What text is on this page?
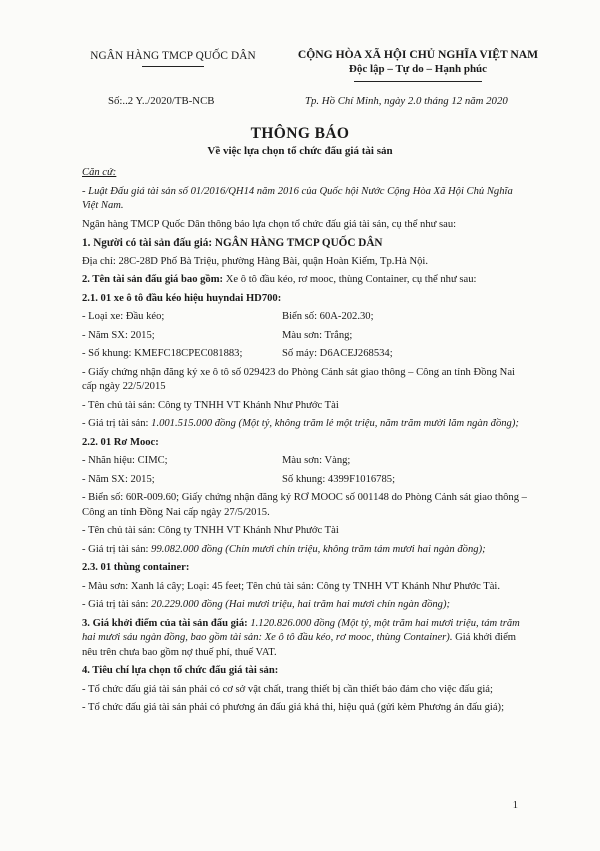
NGÂN HÀNG TMCP QUỐC DÂN	CỘNG HÒA XÃ HỘI CHỦ NGHĨA VIỆT NAM
Độc lập – Tự do – Hạnh phúc
Số:..2 Y../2020/TB-NCB	Tp. Hồ Chí Minh, ngày 2.0 tháng 12 năm 2020
THÔNG BÁO
Về việc lựa chọn tổ chức đấu giá tài sản

Căn cứ:

- Luật Đấu giá tài sản số 01/2016/QH14 năm 2016 của Quốc hội Nước Cộng Hòa Xã Hội Chủ Nghĩa Việt Nam.

Ngân hàng TMCP Quốc Dân thông báo lựa chọn tổ chức đấu giá tài sản, cụ thể như sau:

1. Người có tài sản đấu giá: NGÂN HÀNG TMCP QUỐC DÂN

Địa chỉ: 28C-28D Phố Bà Triệu, phường Hàng Bài, quận Hoàn Kiếm, Tp.Hà Nội.

2. Tên tài sản đấu giá bao gồm: Xe ô tô đầu kéo, rơ mooc, thùng Container, cụ thể như sau:

2.1. 01 xe ô tô đầu kéo hiệu huyndai HD700:

- Loại xe: Đầu kéo;	Biển số: 60A-202.30;
- Năm SX: 2015;	Màu sơn: Trắng;
- Số khung: KMEFC18CPEC081883;	Số máy: D6ACEJ268534;

- Giấy chứng nhận đăng ký xe ô tô số 029423 do Phòng Cảnh sát giao thông – Công an tỉnh Đồng Nai cấp ngày 22/5/2015

- Tên chủ tài sản: Công ty TNHH VT Khánh Như Phước Tài

- Giá trị tài sản: 1.001.515.000 đồng (Một tỷ, không trăm lẻ một triệu, năm trăm mười lăm ngàn đồng);

2.2. 01 Rơ Mooc:

- Nhãn hiệu: CIMC;	Màu sơn: Vàng;
- Năm SX: 2015;	Số khung: 4399F1016785;

- Biển số: 60R-009.60; Giấy chứng nhận đăng ký RƠ MOOC số 001148 do Phòng Cảnh sát giao thông – Công an tỉnh Đồng Nai cấp ngày 27/5/2015.

- Tên chủ tài sản: Công ty TNHH VT Khánh Như Phước Tài

- Giá trị tài sản: 99.082.000 đồng (Chín mươi chín triệu, không trăm tám mươi hai ngàn đồng);

2.3. 01 thùng container:

- Màu sơn: Xanh lá cây; Loại: 45 feet; Tên chủ tài sản: Công ty TNHH VT Khánh Như Phước Tài.

- Giá trị tài sản: 20.229.000 đồng (Hai mươi triệu, hai trăm hai mươi chín ngàn đồng);

3. Giá khởi điểm của tài sản đấu giá: 1.120.826.000 đồng (Một tỷ, một trăm hai mươi triệu, tám trăm hai mươi sáu ngàn đồng, bao gồm tài sản: Xe ô tô đầu kéo, rơ mooc, thùng Container). Giá khởi điểm nêu trên chưa bao gồm nợ thuế phí, thuế VAT.

4. Tiêu chí lựa chọn tổ chức đấu giá tài sản:

- Tổ chức đấu giá tài sản phải có cơ sở vật chất, trang thiết bị cần thiết bảo đảm cho việc đấu giá;

- Tổ chức đấu giá tài sản phải có phương án đấu giá khả thi, hiệu quả (gửi kèm Phương án đấu giá);

1
